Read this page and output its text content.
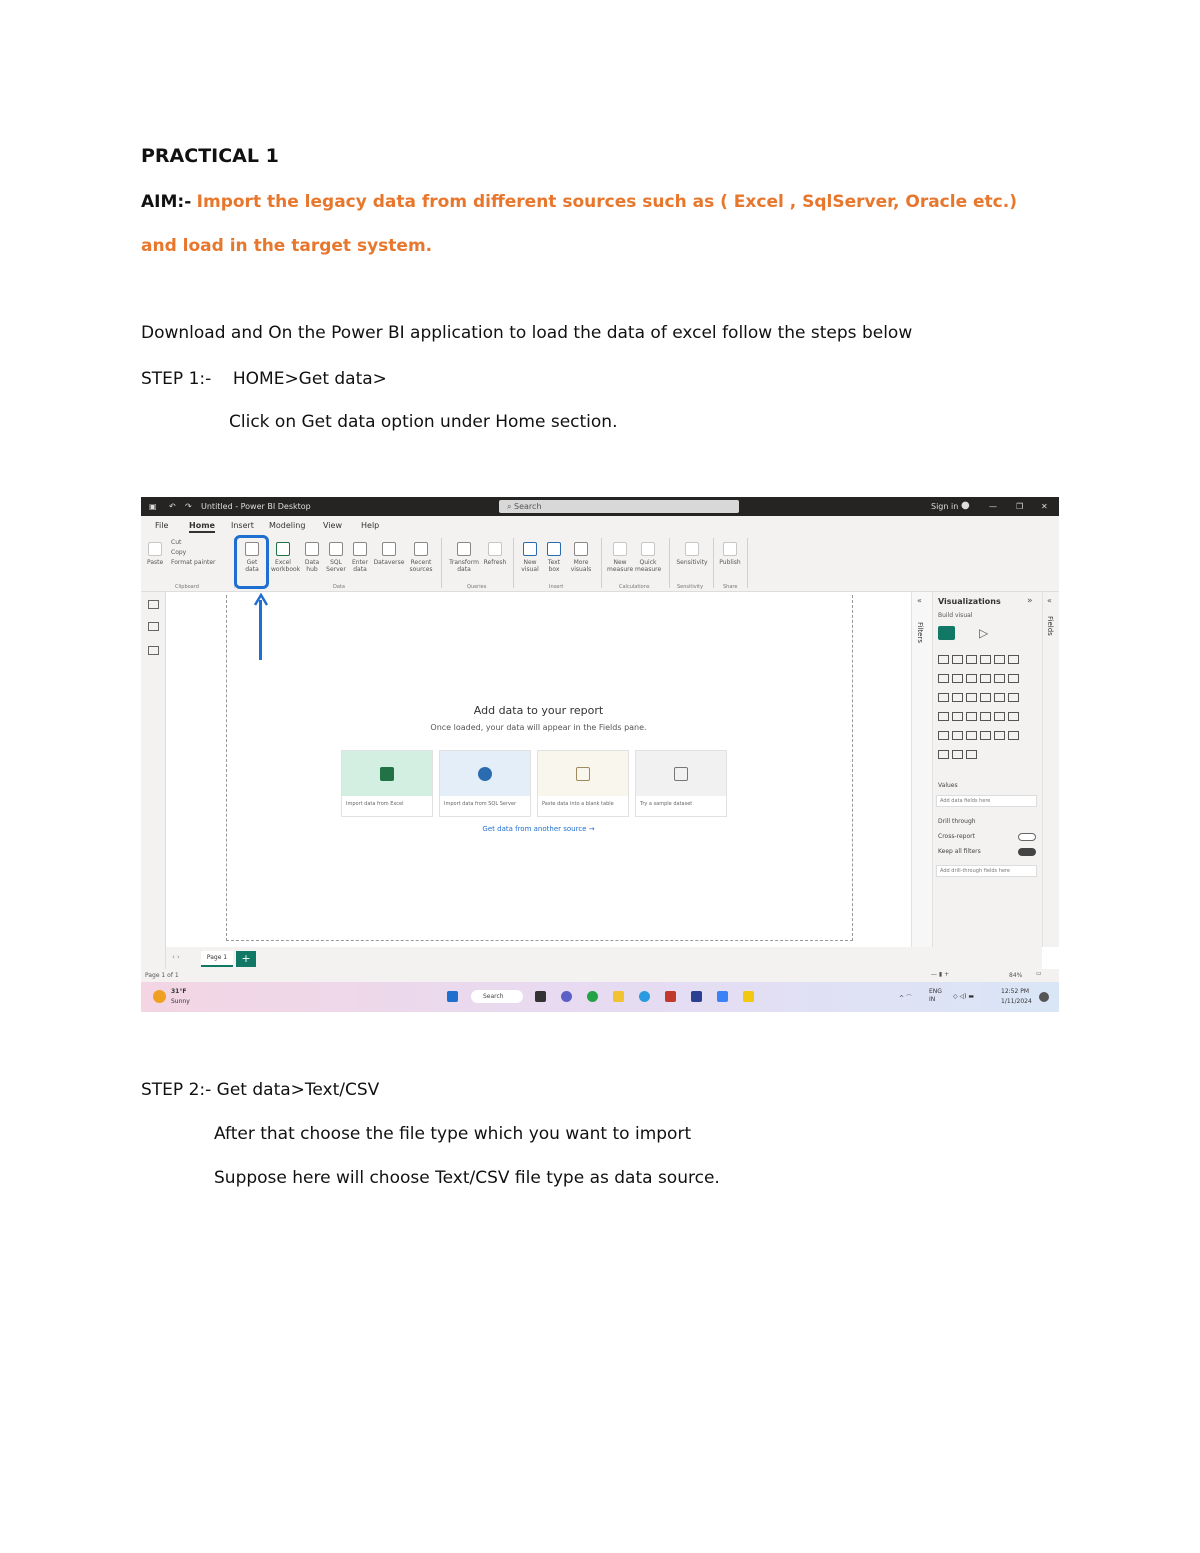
PRACTICAL 1
AIM:- Import the legacy data from different sources such as ( Excel , SqlServer, Oracle etc.)
and load in the target system.
Download and On the Power BI application to load the data of excel follow the steps below
STEP 1:-    HOME>Get data>
Click on Get data option under Home section.
▣ ↶ ↷ Untitled - Power BI Desktop	⌕ Search	Sign in ● — ❐ ✕
File	Home Insert Modeling View Help
Paste
Cut
Copy
Format painter	Get data
Excel workbook
Data hub
SQL Server
Enter data
Dataverse	Recent sources
Transform data
Refresh	New visual
Text box
More visuals
New measure
Quick measure
Sensitivity	Publish
Clipboard	Data	Queries	Insert	Calculations	Sensitivity	Share
Add data to your report
Once loaded, your data will appear in the Fields pane.
Import data from Excel	Import data from SQL Server	Paste data into a blank table	Try a sample dataset
Get data from another source →
«
Filters
Visualizations	»
Build visual
▷

Values
Add data fields here
Drill through
Cross-report
Keep all filters
Add drill-through fields here
«
Fields
‹ ›	Page 1	+
Page 1 of 1	— ▮ +	84% ▭
31°F
Sunny
Search	^ ⌒
ENG IN	◇ ◁) ▬
12:52 PM
1/11/2024
STEP 2:- Get data>Text/CSV
After that choose the file type which you want to import
Suppose here will choose Text/CSV file type as data source.
